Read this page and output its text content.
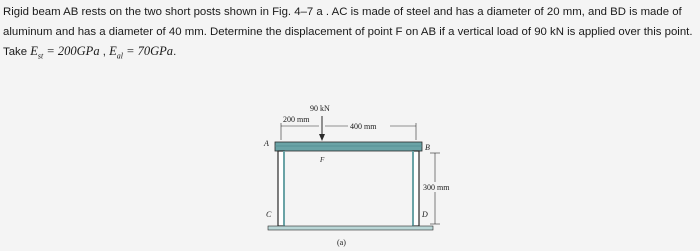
Rigid beam AB rests on the two short posts shown in Fig. 4–7 a . AC is made of steel and has a diameter of 20 mm, and BD is made of aluminum and has a diameter of 40 mm. Determine the displacement of point F on AB if a vertical load of 90 kN is applied over this point. Take $E_{st} = 200GPa$ , $E_{al} = 70GPa$.
90 kN
200 mm
400 mm
300 mm
A	B
C	D
F
(a)
